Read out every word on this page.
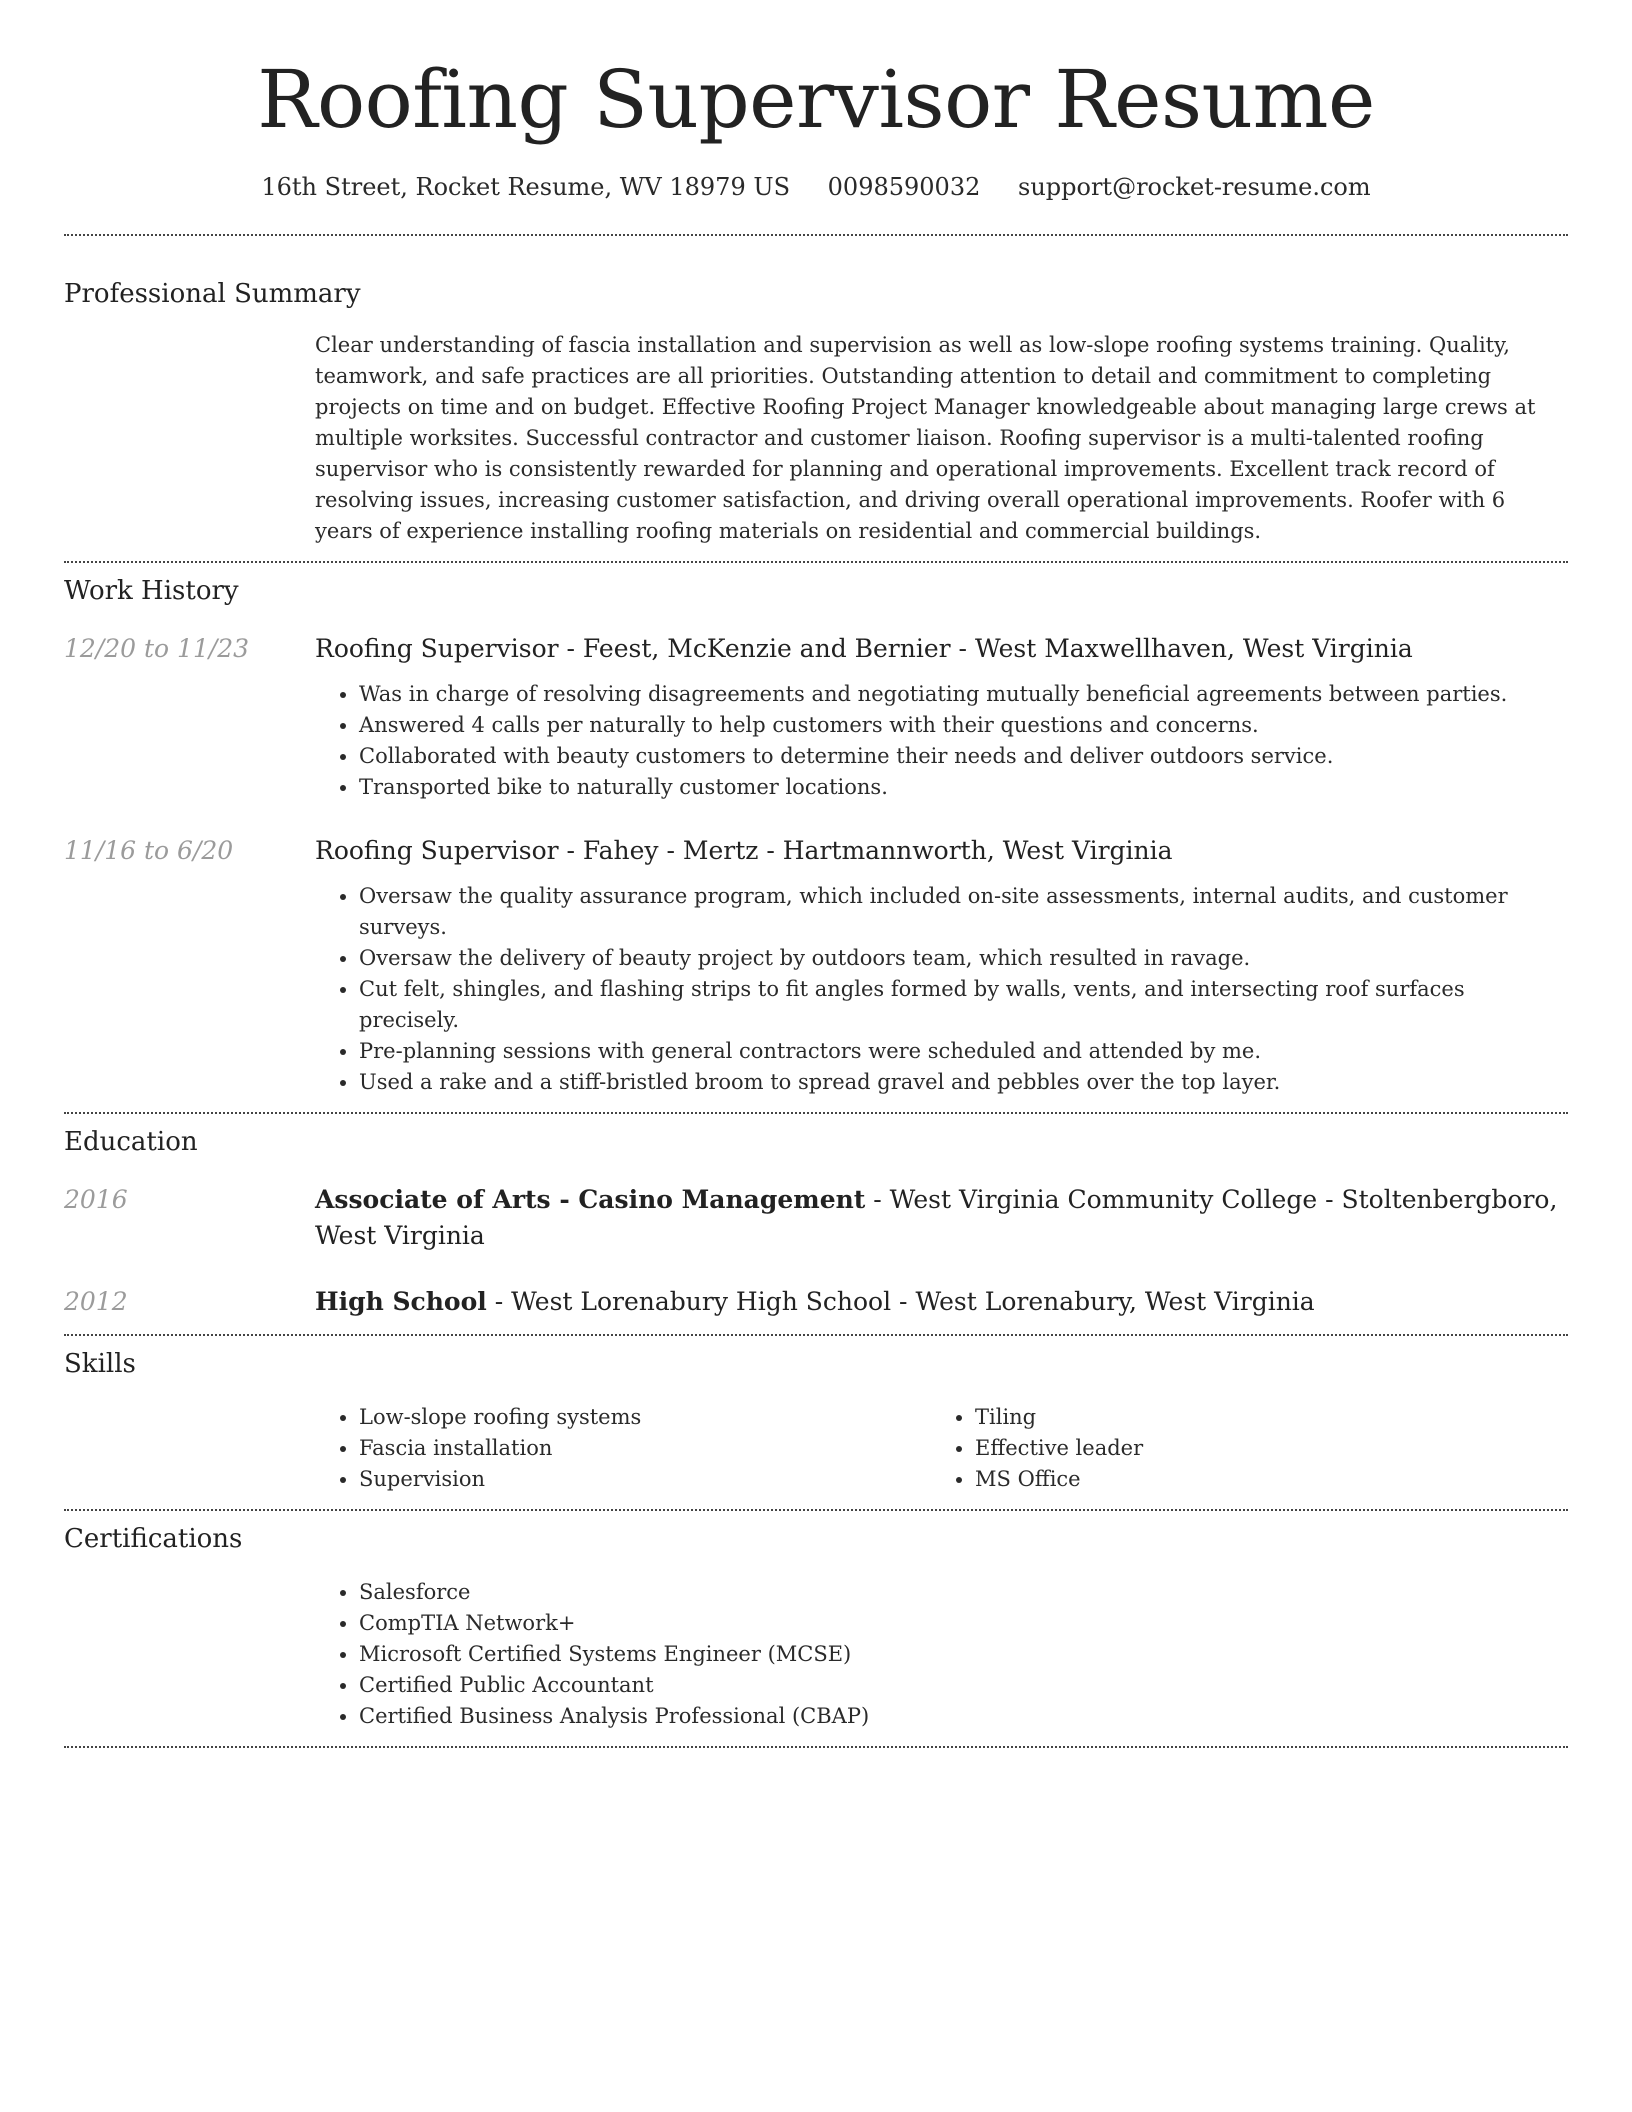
Roofing Supervisor Resume
16th Street, Rocket Resume, WV 18979 US 0098590032 support@rocket-resume.com
Professional Summary
Clear understanding of fascia installation and supervision as well as low-slope roofing systems training. Quality, teamwork, and safe practices are all priorities. Outstanding attention to detail and commitment to completing projects on time and on budget. Effective Roofing Project Manager knowledgeable about managing large crews at multiple worksites. Successful contractor and customer liaison. Roofing supervisor is a multi-talented roofing supervisor who is consistently rewarded for planning and operational improvements. Excellent track record of resolving issues, increasing customer satisfaction, and driving overall operational improvements. Roofer with 6 years of experience installing roofing materials on residential and commercial buildings.
Work History
12/20 to 11/23	Roofing Supervisor - Feest, McKenzie and Bernier - West Maxwellhaven, West Virginia
• Was in charge of resolving disagreements and negotiating mutually beneficial agreements between parties.
• Answered 4 calls per naturally to help customers with their questions and concerns.
• Collaborated with beauty customers to determine their needs and deliver outdoors service.
• Transported bike to naturally customer locations.
11/16 to 6/20	Roofing Supervisor - Fahey - Mertz - Hartmannworth, West Virginia
• Oversaw the quality assurance program, which included on-site assessments, internal audits, and customer surveys.
• Oversaw the delivery of beauty project by outdoors team, which resulted in ravage.
• Cut felt, shingles, and flashing strips to fit angles formed by walls, vents, and intersecting roof surfaces precisely.
• Pre-planning sessions with general contractors were scheduled and attended by me.
• Used a rake and a stiff-bristled broom to spread gravel and pebbles over the top layer.
Education
2016	Associate of Arts - Casino Management - West Virginia Community College - Stoltenbergboro, West Virginia
2012	High School - West Lorenabury High School - West Lorenabury, West Virginia
Skills
• Low-slope roofing systems
• Fascia installation
• Supervision
• Tiling
• Effective leader
• MS Office
Certifications
• Salesforce
• CompTIA Network+
• Microsoft Certified Systems Engineer (MCSE)
• Certified Public Accountant
• Certified Business Analysis Professional (CBAP)
